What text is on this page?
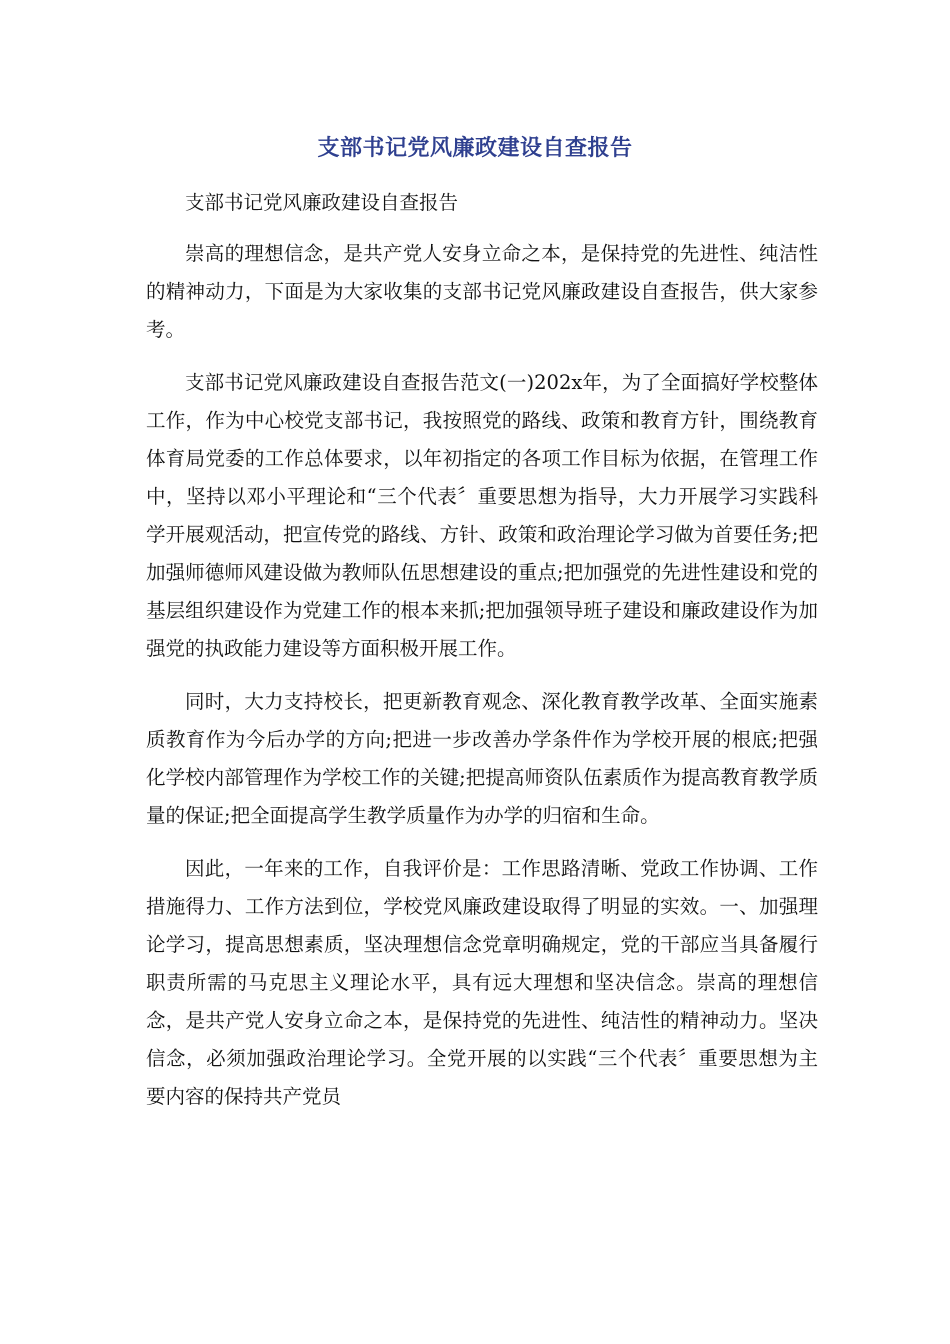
支部书记党风廉政建设自查报告

支部书记党风廉政建设自查报告

崇高的理想信念，是共产党人安身立命之本，是保持党的先进性、纯洁性的精神动力，下面是为大家收集的支部书记党风廉政建设自查报告，供大家参考。

支部书记党风廉政建设自查报告范文(一)202x年，为了全面搞好学校整体工作，作为中心校党支部书记，我按照党的路线、政策和教育方针，围绕教育体育局党委的工作总体要求，以年初指定的各项工作目标为依据，在管理工作中，坚持以邓小平理论和“三个代表〞重要思想为指导，大力开展学习实践科学开展观活动，把宣传党的路线、方针、政策和政治理论学习做为首要任务;把加强师德师风建设做为教师队伍思想建设的重点;把加强党的先进性建设和党的基层组织建设作为党建工作的根本来抓;把加强领导班子建设和廉政建设作为加强党的执政能力建设等方面积极开展工作。

同时，大力支持校长，把更新教育观念、深化教育教学改革、全面实施素质教育作为今后办学的方向;把进一步改善办学条件作为学校开展的根底;把强化学校内部管理作为学校工作的关键;把提高师资队伍素质作为提高教育教学质量的保证;把全面提高学生教学质量作为办学的归宿和生命。

因此，一年来的工作，自我评价是：工作思路清晰、党政工作协调、工作措施得力、工作方法到位，学校党风廉政建设取得了明显的实效。一、加强理论学习，提高思想素质，坚决理想信念党章明确规定，党的干部应当具备履行职责所需的马克思主义理论水平，具有远大理想和坚决信念。崇高的理想信念，是共产党人安身立命之本，是保持党的先进性、纯洁性的精神动力。坚决信念，必须加强政治理论学习。全党开展的以实践“三个代表〞重要思想为主要内容的保持共产党员
